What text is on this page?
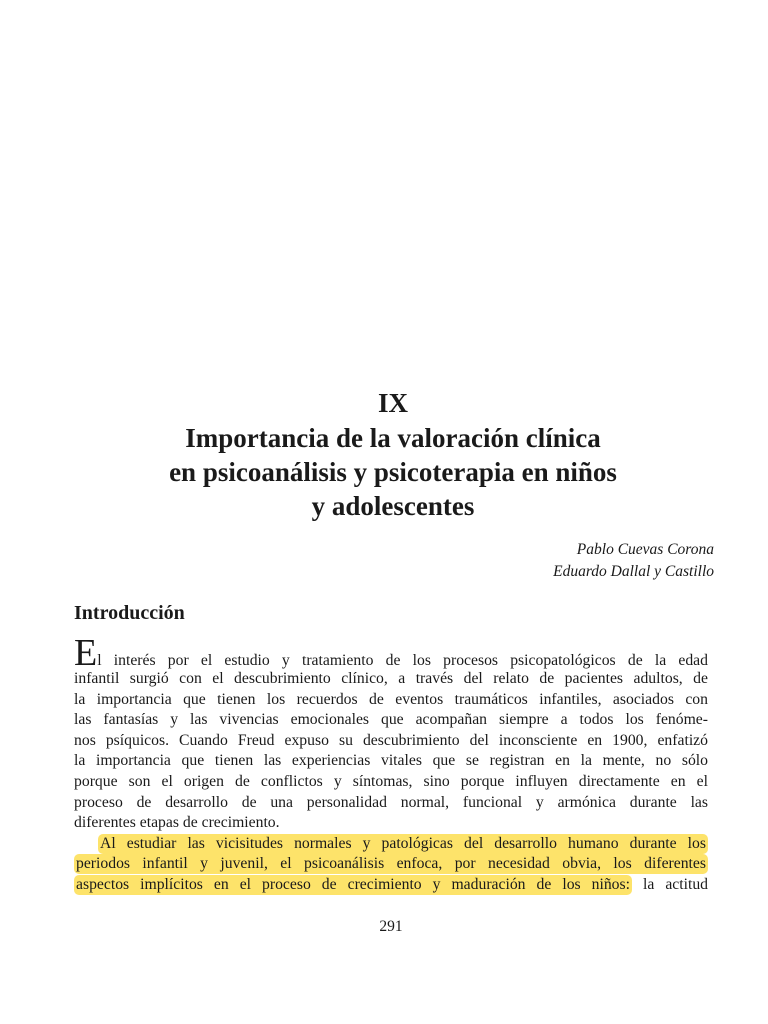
IX
Importancia de la valoración clínica
en psicoanálisis y psicoterapia en niños
y adolescentes
Pablo Cuevas Corona
Eduardo Dallal y Castillo
Introducción
El interés por el estudio y tratamiento de los procesos psicopatológicos de la edad
infantil surgió con el descubrimiento clínico, a través del relato de pacientes adultos, de
la importancia que tienen los recuerdos de eventos traumáticos infantiles, asociados con
las fantasías y las vivencias emocionales que acompañan siempre a todos los fenóme-
nos psíquicos. Cuando Freud expuso su descubrimiento del inconsciente en 1900, enfatizó
la importancia que tienen las experiencias vitales que se registran en la mente, no sólo
porque son el origen de conflictos y síntomas, sino porque influyen directamente en el
proceso de desarrollo de una personalidad normal, funcional y armónica durante las
diferentes etapas de crecimiento.
Al estudiar las vicisitudes normales y patológicas del desarrollo humano durante los
periodos infantil y juvenil, el psicoanálisis enfoca, por necesidad obvia, los diferentes
aspectos implícitos en el proceso de crecimiento y maduración de los niños: la actitud
291
